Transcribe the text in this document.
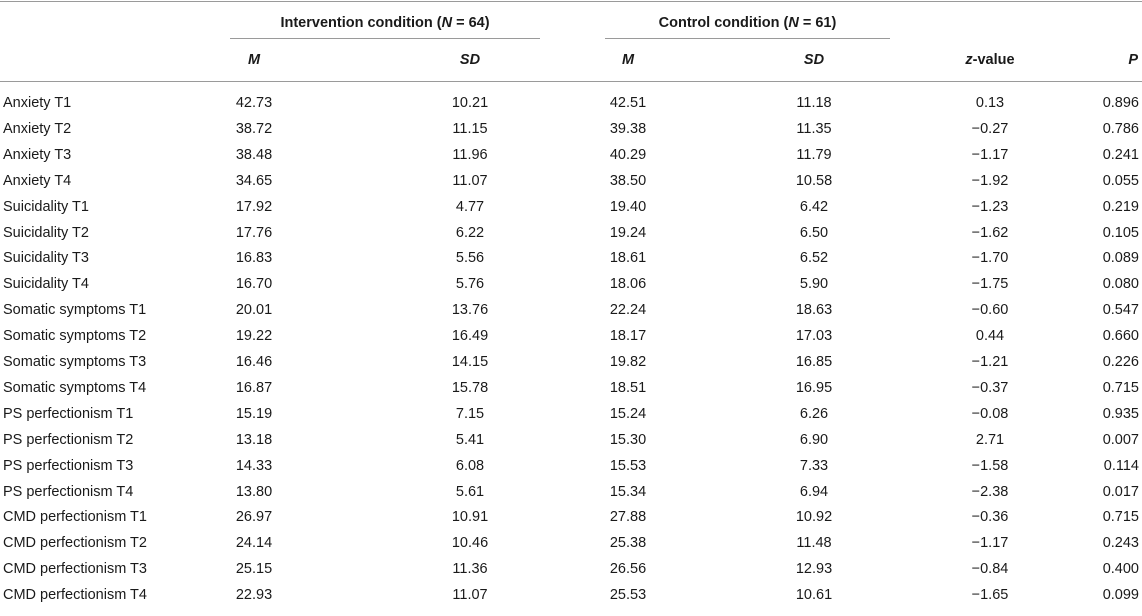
Intervention condition (N = 64)	Control condition (N = 61)
M	SD	M	SD	z-value	P
Anxiety T1	42.73	10.21	42.51	11.18	0.13	0.896
Anxiety T2	38.72	11.15	39.38	11.35	−0.27	0.786
Anxiety T3	38.48	11.96	40.29	11.79	−1.17	0.241
Anxiety T4	34.65	11.07	38.50	10.58	−1.92	0.055
Suicidality T1	17.92	4.77	19.40	6.42	−1.23	0.219
Suicidality T2	17.76	6.22	19.24	6.50	−1.62	0.105
Suicidality T3	16.83	5.56	18.61	6.52	−1.70	0.089
Suicidality T4	16.70	5.76	18.06	5.90	−1.75	0.080
Somatic symptoms T1	20.01	13.76	22.24	18.63	−0.60	0.547
Somatic symptoms T2	19.22	16.49	18.17	17.03	0.44	0.660
Somatic symptoms T3	16.46	14.15	19.82	16.85	−1.21	0.226
Somatic symptoms T4	16.87	15.78	18.51	16.95	−0.37	0.715
PS perfectionism T1	15.19	7.15	15.24	6.26	−0.08	0.935
PS perfectionism T2	13.18	5.41	15.30	6.90	2.71	0.007
PS perfectionism T3	14.33	6.08	15.53	7.33	−1.58	0.114
PS perfectionism T4	13.80	5.61	15.34	6.94	−2.38	0.017
CMD perfectionism T1	26.97	10.91	27.88	10.92	−0.36	0.715
CMD perfectionism T2	24.14	10.46	25.38	11.48	−1.17	0.243
CMD perfectionism T3	25.15	11.36	26.56	12.93	−0.84	0.400
CMD perfectionism T4	22.93	11.07	25.53	10.61	−1.65	0.099
